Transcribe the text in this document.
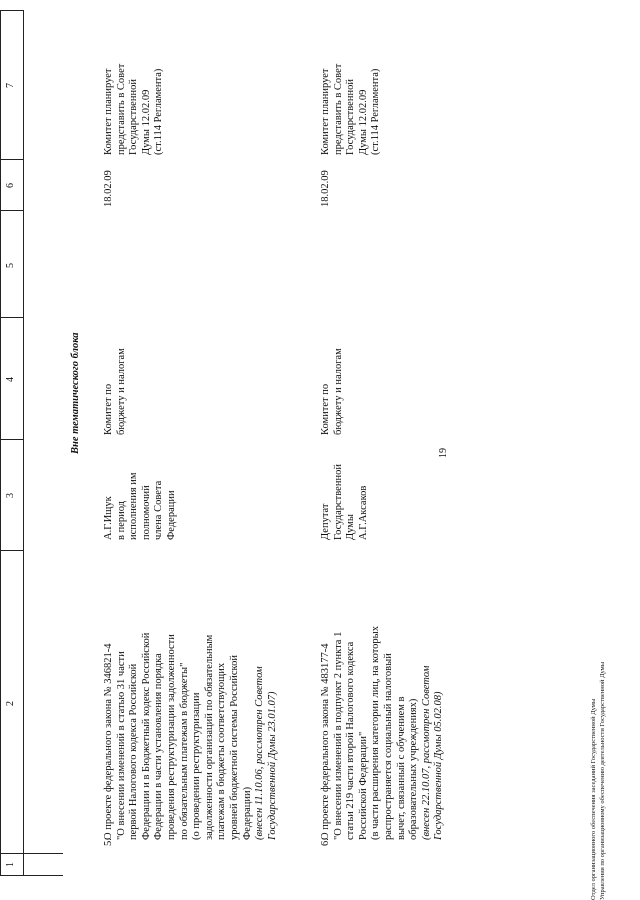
19
1
2
3
4
5
6
7
Вне тематического блока
5.
О проекте федерального закона № 346821-4 "О внесении изменений в статью 31 части первой Налогового кодекса Российской Федерации и в Бюджетный кодекс Российской Федерации в части установления порядка проведения реструктуризации задолженности по обязательным платежам в бюджеты" (о проведении реструктуризации задолженности организаций по обязательным платежам в бюджеты соответствующих уровней бюджетной системы Российской Федерации) (внесен 11.10.06, рассмотрен Советом Государственной Думы 23.01.07)
А.Г.Ищук в период исполнения им полномочий члена Совета Федерации
Комитет по бюджету и налогам
18.02.09
Комитет планирует представить в Совет Государственной Думы 12.02.09 (ст.114 Регламента)
6.
О проекте федерального закона № 483177-4 "О внесении изменений в подпункт 2 пункта 1 статьи 219 части второй Налогового кодекса Российской Федерации" (в части расширения категории лиц, на которых распространяется социальный налоговый вычет, связанный с обучением в образовательных учреждениях) (внесен 22.10.07, рассмотрен Советом Государственной Думы 05.02.08)
Депутат Государственной Думы А.Г.Аксаков
Комитет по бюджету и налогам
18.02.09
Комитет планирует представить в Совет Государственной Думы 12.02.09 (ст.114 Регламента)
Отдел организационного обеспечения заседаний Государственной Думы Управления по организационному обеспечению деятельности Государственной Думы
